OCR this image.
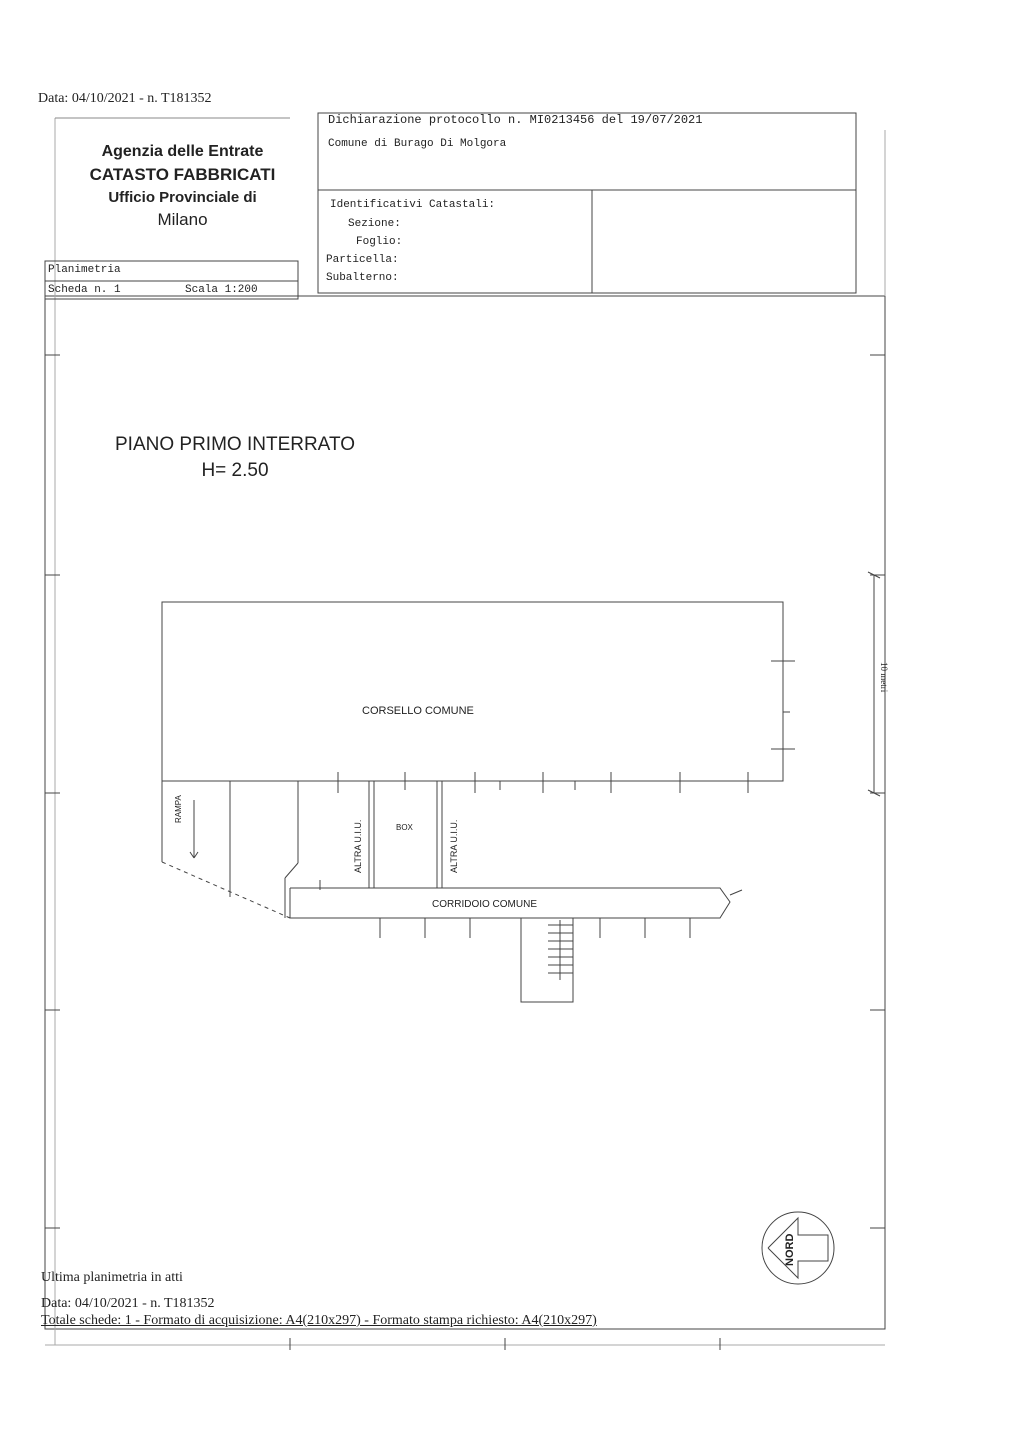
Data: 04/10/2021 - n. T181352
Agenzia delle Entrate
CATASTO FABBRICATI
Ufficio Provinciale di
Milano
Dichiarazione protocollo n. MI0213456 del 19/07/2021
Comune di Burago Di Molgora
Identificativi Catastali:
Sezione:
Foglio:
Particella:
Subalterno:
Planimetria
Scheda n. 1	Scala 1:200
PIANO PRIMO INTERRATO
H= 2.50
CORSELLO COMUNE
RAMPA
ALTRA U.I.U.	BOX	ALTRA U.I.U.
CORRIDOIO COMUNE
10 metri
NORD
Ultima planimetria in atti
Data: 04/10/2021 - n. T181352
Totale schede: 1 - Formato di acquisizione: A4(210x297) - Formato stampa richiesto: A4(210x297)
